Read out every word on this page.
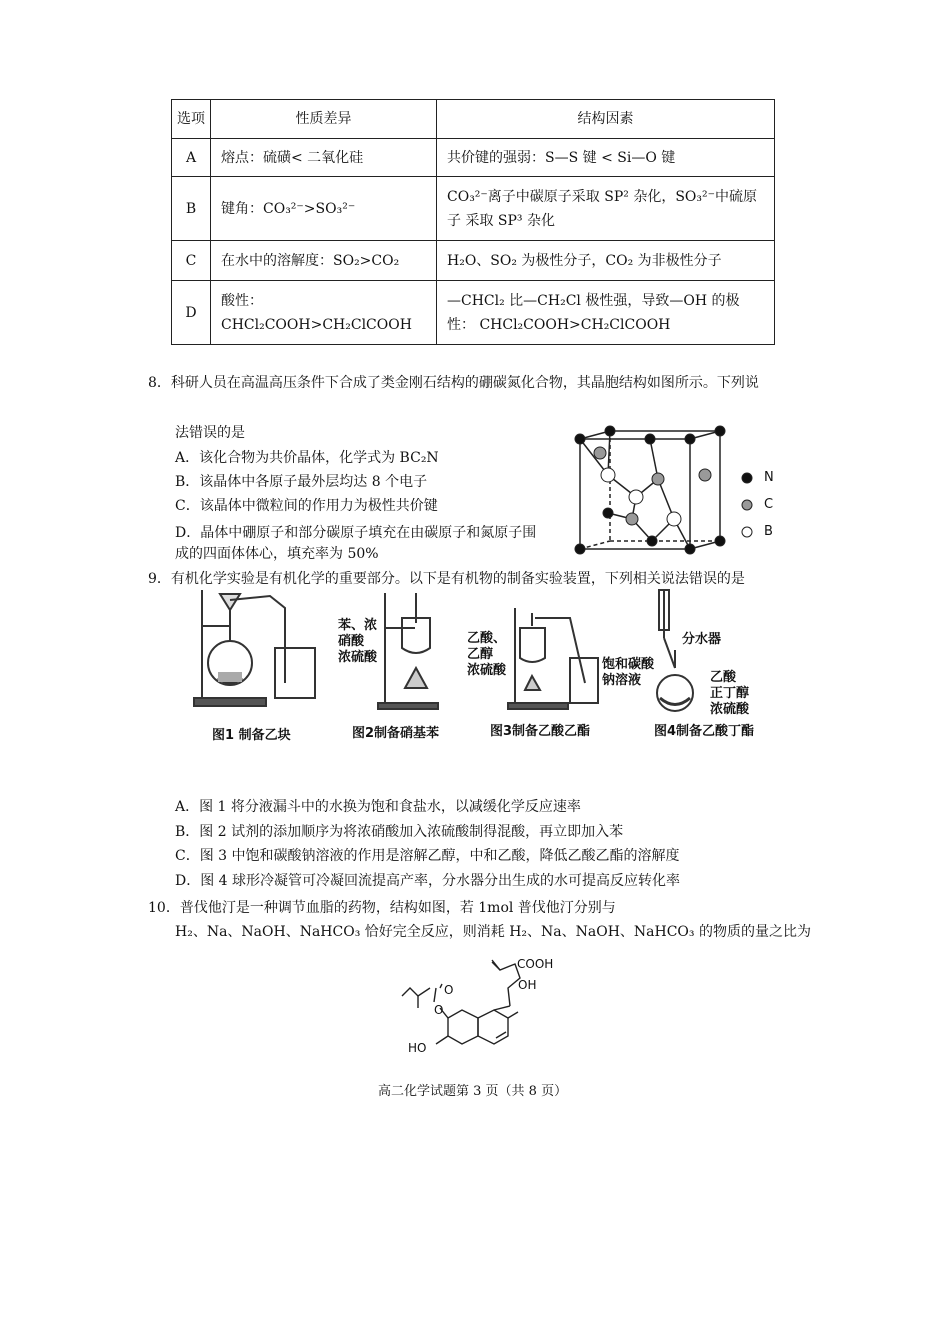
选项	性质差异	结构因素
A	熔点：硫磺< 二氧化硅	共价键的强弱：S—S 键 < Si—O 键
B	键角：CO₃²⁻>SO₃²⁻	CO₃²⁻离子中碳原子采取 SP² 杂化，SO₃²⁻中硫原子 采取 SP³ 杂化
C	在水中的溶解度：SO₂>CO₂	H₂O、SO₂ 为极性分子，CO₂ 为非极性分子
D	酸性：CHCl₂COOH>CH₂ClCOOH	—CHCl₂ 比—CH₂Cl 极性强，导致—OH 的极性： CHCl₂COOH>CH₂ClCOOH
8．科研人员在高温高压条件下合成了类金刚石结构的硼碳氮化合物，其晶胞结构如图所示。下列说
法错误的是
A．该化合物为共价晶体，化学式为 BC₂N
B．该晶体中各原子最外层均达 8 个电子
C．该晶体中微粒间的作用力为极性共价键
D．晶体中硼原子和部分碳原子填充在由碳原子和氮原子围
成的四面体体心，填充率为 50%
N
C
B
9．有机化学实验是有机化学的重要部分。以下是有机物的制备实验装置，下列相关说法错误的是
苯、浓
硝酸
浓硫酸
乙酸、
乙醇
浓硫酸	饱和碳酸
钠溶液
分水器
乙酸
正丁醇
浓硫酸
图1 制备乙块	图2制备硝基苯	图3制备乙酸乙酯	图4制备乙酸丁酯
A．图 1 将分液漏斗中的水换为饱和食盐水，以减缓化学反应速率
B．图 2 试剂的添加顺序为将浓硝酸加入浓硫酸制得混酸，再立即加入苯
C．图 3 中饱和碳酸钠溶液的作用是溶解乙醇，中和乙酸，降低乙酸乙酯的溶解度
D．图 4 球形冷凝管可冷凝回流提高产率，分水器分出生成的水可提高反应转化率
10．普伐他汀是一种调节血脂的药物，结构如图，若 1mol 普伐他汀分别与
H₂、Na、NaOH、NaHCO₃ 恰好完全反应，则消耗 H₂、Na、NaOH、NaHCO₃ 的物质的量之比为
COOH
OH
O
O
HO
高二化学试题第 3 页（共 8 页）
